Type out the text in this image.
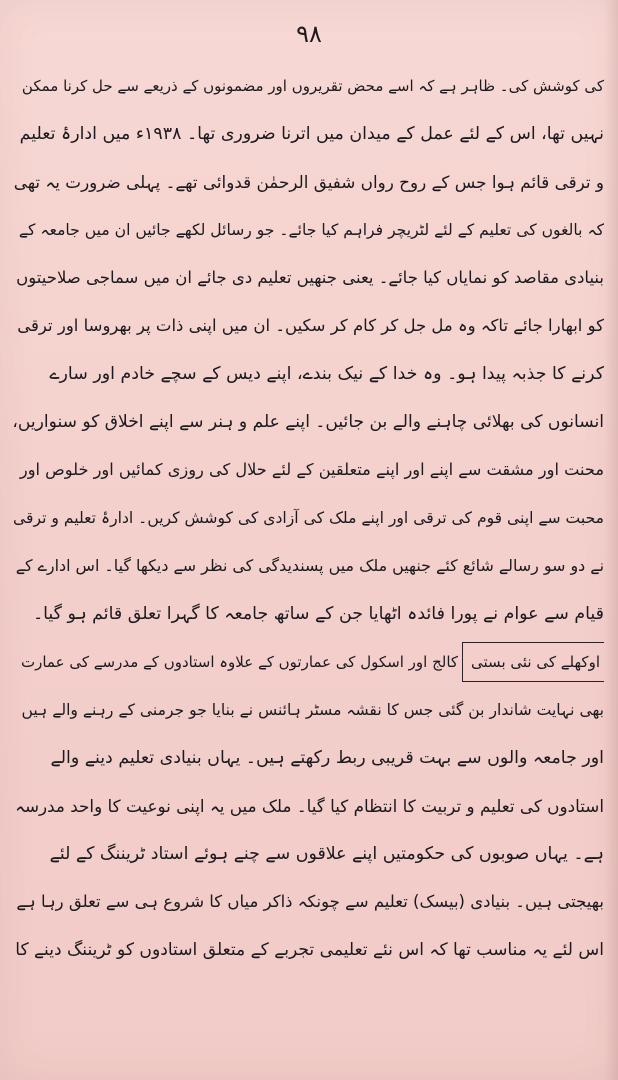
۹۸
کی کوشش کی۔ ظاہر ہے کہ اسے محض تقریروں اور مضمونوں کے ذریعے سے حل کرنا ممکن
نہیں تھا، اس کے لئے عمل کے میدان میں اترنا ضروری تھا۔ ۱۹۳۸ء میں ادارۂ تعلیم
و ترقی قائم ہوا جس کے روح رواں شفیق الرحمٰن قدوائی تھے۔ پہلی ضرورت یہ تھی
کہ بالغوں کی تعلیم کے لئے لٹریچر فراہم کیا جائے۔ جو رسائل لکھے جائیں ان میں جامعہ کے
بنیادی مقاصد کو نمایاں کیا جائے۔ یعنی جنھیں تعلیم دی جائے ان میں سماجی صلاحیتوں
کو ابھارا جائے تاکہ وہ مل جل کر کام کر سکیں۔ ان میں اپنی ذات پر بھروسا اور ترقی
کرنے کا جذبہ پیدا ہو۔ وہ خدا کے نیک بندے، اپنے دیس کے سچے خادم اور سارے
انسانوں کی بھلائی چاہنے والے بن جائیں۔ اپنے علم و ہنر سے اپنے اخلاق کو سنواریں،
محنت اور مشقت سے اپنے اور اپنے متعلقین کے لئے حلال کی روزی کمائیں اور خلوص اور
محبت سے اپنی قوم کی ترقی اور اپنے ملک کی آزادی کی کوشش کریں۔ ادارۂ تعلیم و ترقی
نے دو سو رسالے شائع کئے جنھیں ملک میں پسندیدگی کی نظر سے دیکھا گیا۔ اس ادارے کے
قیام سے عوام نے پورا فائدہ اٹھایا جن کے ساتھ جامعہ کا گہرا تعلق قائم ہو گیا۔
اوکھلے کی نئی بستیکالج اور اسکول کی عمارتوں کے علاوہ استادوں کے مدرسے کی عمارت
بھی نہایت شاندار بن گئی جس کا نقشہ مسٹر ہائنس نے بنایا جو جرمنی کے رہنے والے ہیں
اور جامعہ والوں سے بہت قریبی ربط رکھتے ہیں۔ یہاں بنیادی تعلیم دینے والے
استادوں کی تعلیم و تربیت کا انتظام کیا گیا۔ ملک میں یہ اپنی نوعیت کا واحد مدرسہ
ہے۔ یہاں صوبوں کی حکومتیں اپنے علاقوں سے چنے ہوئے استاد ٹریننگ کے لئے
بھیجتی ہیں۔ بنیادی (بیسک) تعلیم سے چونکہ ذاکر میاں کا شروع ہی سے تعلق رہا ہے
اس لئے یہ مناسب تھا کہ اس نئے تعلیمی تجربے کے متعلق استادوں کو ٹریننگ دینے کا
